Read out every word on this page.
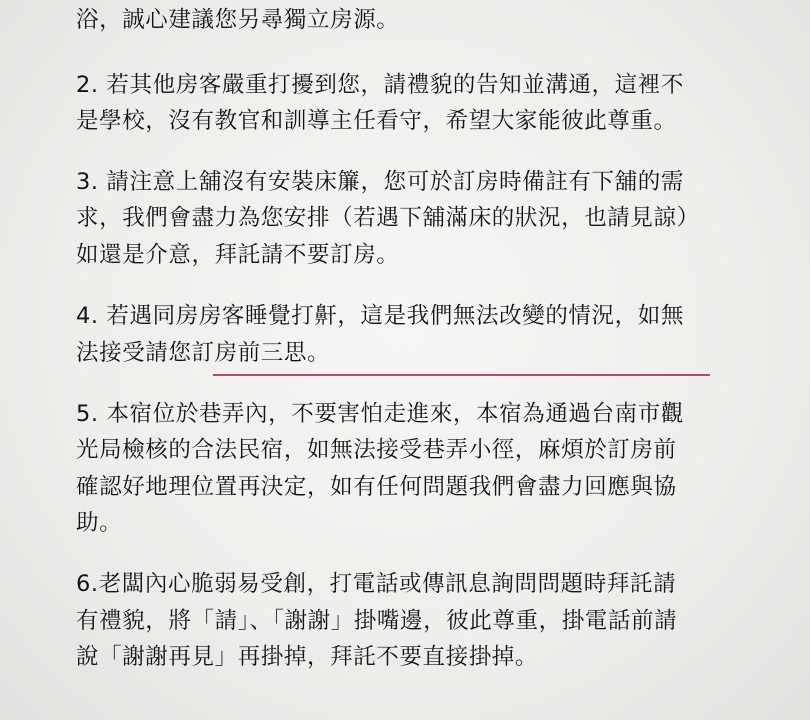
浴，誠心建議您另尋獨立房源。
2. 若其他房客嚴重打擾到您，請禮貌的告知並溝通，這裡不
是學校，沒有教官和訓導主任看守，希望大家能彼此尊重。
3. 請注意上舖沒有安裝床簾，您可於訂房時備註有下舖的需
求，我們會盡力為您安排（若遇下舖滿床的狀況，也請見諒）
如還是介意，拜託請不要訂房。
4. 若遇同房房客睡覺打鼾，這是我們無法改變的情況，如無
法接受請您訂房前三思。
5. 本宿位於巷弄內，不要害怕走進來，本宿為通過台南市觀
光局檢核的合法民宿，如無法接受巷弄小徑，麻煩於訂房前
確認好地理位置再決定，如有任何問題我們會盡力回應與協
助。
6.老闆內心脆弱易受創，打電話或傳訊息詢問問題時拜託請
有禮貌，將「請」、「謝謝」掛嘴邊，彼此尊重，掛電話前請
說「謝謝再見」再掛掉，拜託不要直接掛掉。
